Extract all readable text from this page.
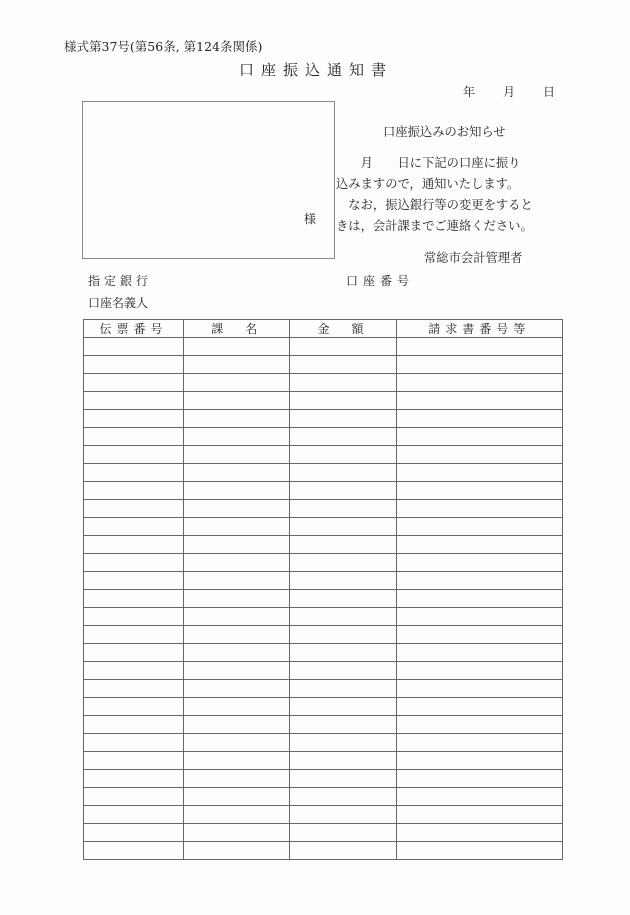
様式第37号(第56条, 第124条関係)
口座振込通知書
年 月 日
様
口座振込みのお知らせ

　　月　　日に下記の口座に振り

込みますので，通知いたします。

　なお，振込銀行等の変更をすると

きは，会計課までご連絡ください。

常総市会計管理者
指定銀行	口座番号
口座名義人
伝票番号	課　名	金　額	請求書番号等
